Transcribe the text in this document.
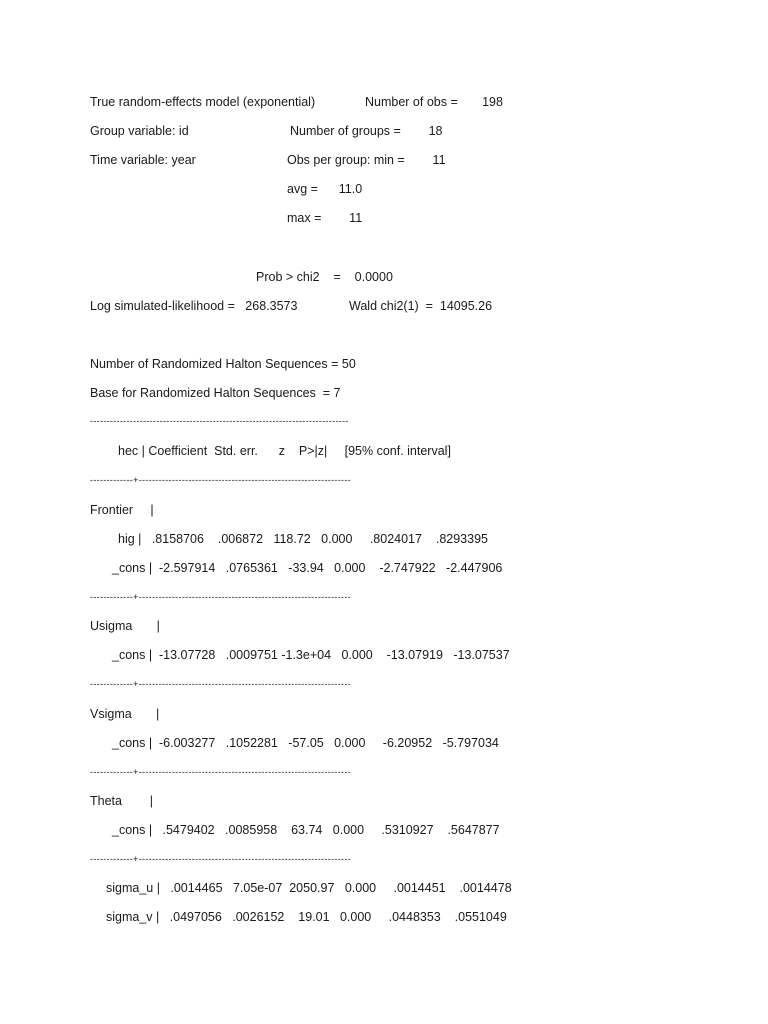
True random-effects model (exponential)	Number of obs =       198

Group variable: id	Number of groups =        18

Time variable: year	Obs per group: min =        11

avg =      11.0

max =        11

Prob > chi2    =    0.0000

Log simulated-likelihood =   268.3573	Wald chi2(1)  =  14095.26

Number of Randomized Halton Sequences = 50

Base for Randomized Halton Sequences  = 7

------------------------------------------------------------------------------

hec | Coefficient  Std. err.      z    P>|z|     [95% conf. interval]

-------------+----------------------------------------------------------------

Frontier     |

hig |   .8158706    .006872   118.72   0.000     .8024017    .8293395

_cons |  -2.597914   .0765361   -33.94   0.000    -2.747922   -2.447906

-------------+----------------------------------------------------------------

Usigma       |

_cons |  -13.07728   .0009751 -1.3e+04   0.000    -13.07919   -13.07537

-------------+----------------------------------------------------------------

Vsigma       |

_cons |  -6.003277   .1052281   -57.05   0.000     -6.20952   -5.797034

-------------+----------------------------------------------------------------

Theta        |

_cons |   .5479402   .0085958    63.74   0.000     .5310927    .5647877

-------------+----------------------------------------------------------------

sigma_u |   .0014465   7.05e-07  2050.97   0.000     .0014451    .0014478

sigma_v |   .0497056   .0026152    19.01   0.000     .0448353    .0551049
